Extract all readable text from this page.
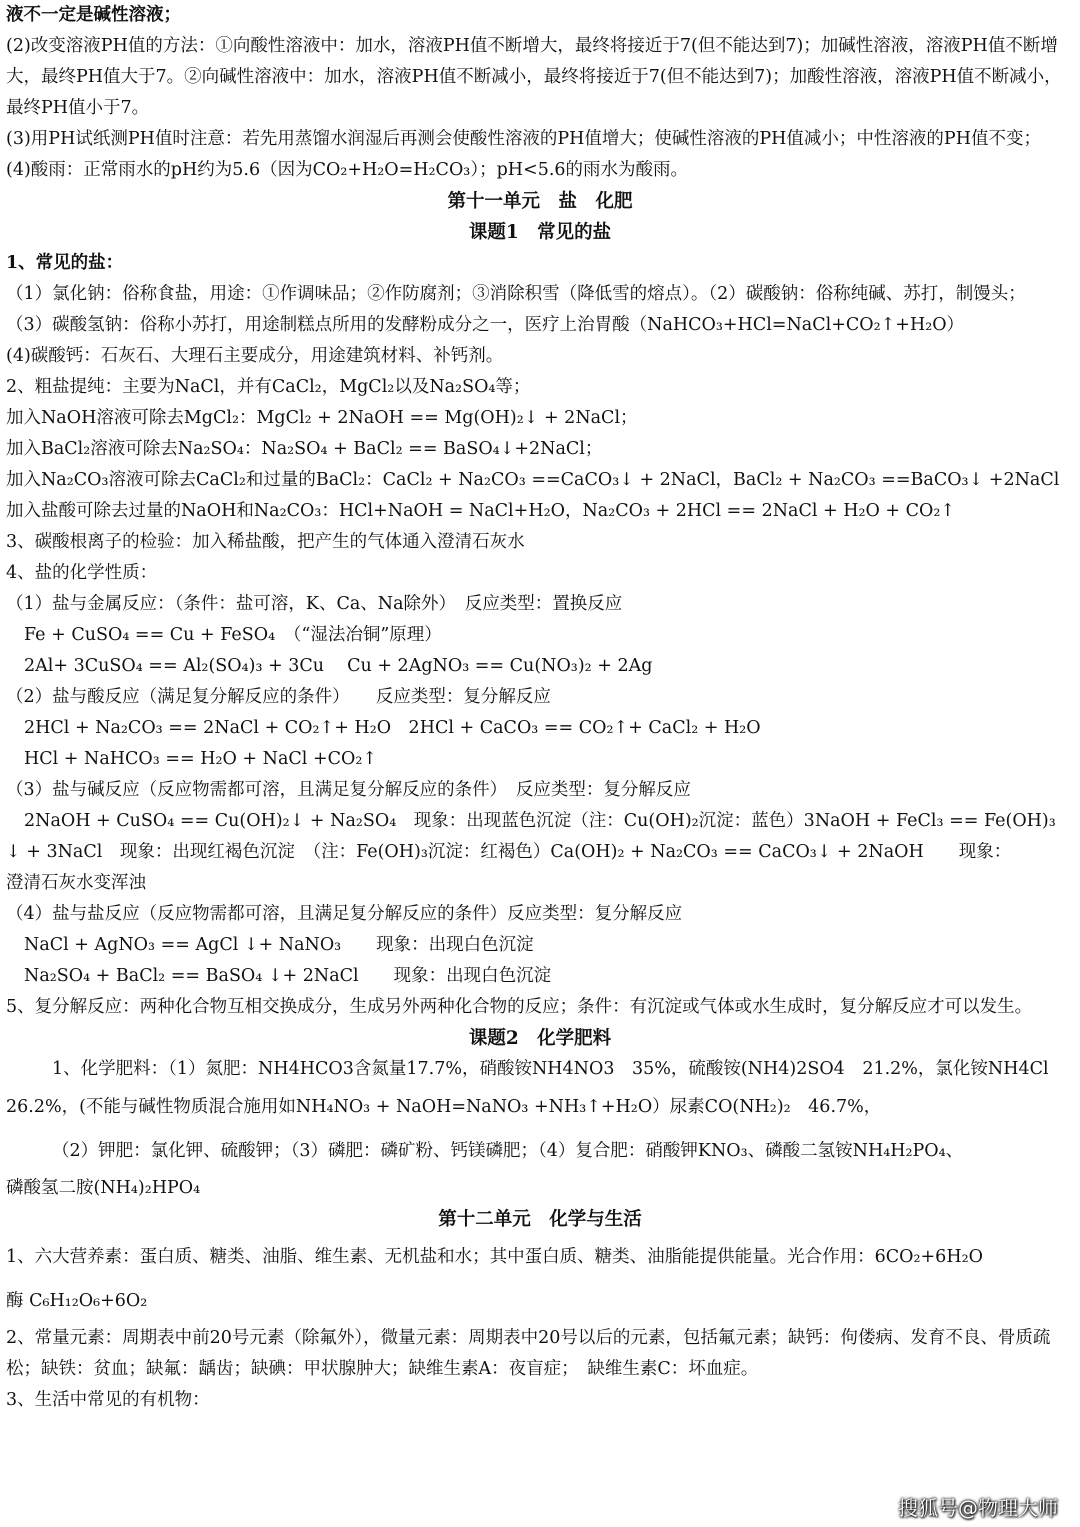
液不一定是碱性溶液；
(2)改变溶液PH值的方法：①向酸性溶液中：加水，溶液PH值不断增大，最终将接近于7(但不能达到7)；加碱性溶液，溶液PH值不断增大，最终PH值大于7。②向碱性溶液中：加水，溶液PH值不断减小，最终将接近于7(但不能达到7)；加酸性溶液，溶液PH值不断减小，最终PH值小于7。
(3)用PH试纸测PH值时注意：若先用蒸馏水润湿后再测会使酸性溶液的PH值增大；使碱性溶液的PH值减小；中性溶液的PH值不变；
(4)酸雨：正常雨水的pH约为5.6（因为CO₂+H₂O=H₂CO₃）；pH<5.6的雨水为酸雨。
第十一单元　盐　化肥
课题1　常见的盐
1、常见的盐：
（1）氯化钠：俗称食盐，用途：①作调味品；②作防腐剂；③消除积雪（降低雪的熔点）。（2）碳酸钠：俗称纯碱、苏打，制馒头；
（3）碳酸氢钠：俗称小苏打，用途制糕点所用的发酵粉成分之一，医疗上治胃酸（NaHCO₃+HCl=NaCl+CO₂↑+H₂O）
(4)碳酸钙：石灰石、大理石主要成分，用途建筑材料、补钙剂。
2、粗盐提纯：主要为NaCl，并有CaCl₂，MgCl₂以及Na₂SO₄等；
加入NaOH溶液可除去MgCl₂：MgCl₂ + 2NaOH == Mg(OH)₂↓ + 2NaCl；
加入BaCl₂溶液可除去Na₂SO₄：Na₂SO₄ + BaCl₂ == BaSO₄↓+2NaCl；
加入Na₂CO₃溶液可除去CaCl₂和过量的BaCl₂：CaCl₂ + Na₂CO₃ ==CaCO₃↓ + 2NaCl，BaCl₂ + Na₂CO₃ ==BaCO₃↓ +2NaCl
加入盐酸可除去过量的NaOH和Na₂CO₃：HCl+NaOH = NaCl+H₂O，Na₂CO₃ + 2HCl == 2NaCl + H₂O + CO₂↑
3、碳酸根离子的检验：加入稀盐酸，把产生的气体通入澄清石灰水
4、盐的化学性质：
（1）盐与金属反应：（条件：盐可溶，K、Ca、Na除外）　反应类型：置换反应
Fe + CuSO₄ == Cu + FeSO₄　（“湿法冶铜”原理）
2Al+ 3CuSO₄ == Al₂(SO₄)₃ + 3Cu　 Cu + 2AgNO₃ == Cu(NO₃)₂ + 2Ag
（2）盐与酸反应（满足复分解反应的条件）　　反应类型：复分解反应
2HCl + Na₂CO₃ == 2NaCl + CO₂↑+ H₂O　2HCl + CaCO₃ == CO₂↑+ CaCl₂ + H₂O
HCl + NaHCO₃ == H₂O + NaCl +CO₂↑
（3）盐与碱反应（反应物需都可溶，且满足复分解反应的条件）　反应类型：复分解反应
2NaOH + CuSO₄ == Cu(OH)₂↓ + Na₂SO₄　现象：出现蓝色沉淀（注：Cu(OH)₂沉淀：蓝色）3NaOH + FeCl₃ == Fe(OH)₃
↓ + 3NaCl　现象：出现红褐色沉淀　（注：Fe(OH)₃沉淀：红褐色）Ca(OH)₂ + Na₂CO₃ == CaCO₃↓ + 2NaOH　　现象：
澄清石灰水变浑浊
（4）盐与盐反应（反应物需都可溶，且满足复分解反应的条件）反应类型：复分解反应
NaCl + AgNO₃ == AgCl ↓+ NaNO₃　　现象：出现白色沉淀
Na₂SO₄ + BaCl₂ == BaSO₄ ↓+ 2NaCl　　现象：出现白色沉淀
5、复分解反应：两种化合物互相交换成分，生成另外两种化合物的反应；条件：有沉淀或气体或水生成时，复分解反应才可以发生。
课题2　化学肥料
1、化学肥料：（1）氮肥：NH4HCO3含氮量17.7%，硝酸铵NH4NO3　35%，硫酸铵(NH4)2SO4　21.2%，氯化铵NH4Cl
26.2%，(不能与碱性物质混合施用如NH₄NO₃ + NaOH=NaNO₃ +NH₃↑+H₂O）尿素CO(NH₂)₂　46.7%，
（2）钾肥：氯化钾、硫酸钾；（3）磷肥：磷矿粉、钙镁磷肥；（4）复合肥：硝酸钾KNO₃、磷酸二氢铵NH₄H₂PO₄、
磷酸氢二胺(NH₄)₂HPO₄
第十二单元　化学与生活
1、六大营养素：蛋白质、糖类、油脂、维生素、无机盐和水；其中蛋白质、糖类、油脂能提供能量。光合作用：6CO₂+6H₂O
酶 C₆H₁₂O₆+6O₂
2、常量元素：周期表中前20号元素（除氟外），微量元素：周期表中20号以后的元素，包括氟元素；缺钙：佝偻病、发育不良、骨质疏松；缺铁：贫血；缺氟：龋齿；缺碘：甲状腺肿大；缺维生素A：夜盲症；　缺维生素C：坏血症。
3、生活中常见的有机物：
搜狐号@物理大师
